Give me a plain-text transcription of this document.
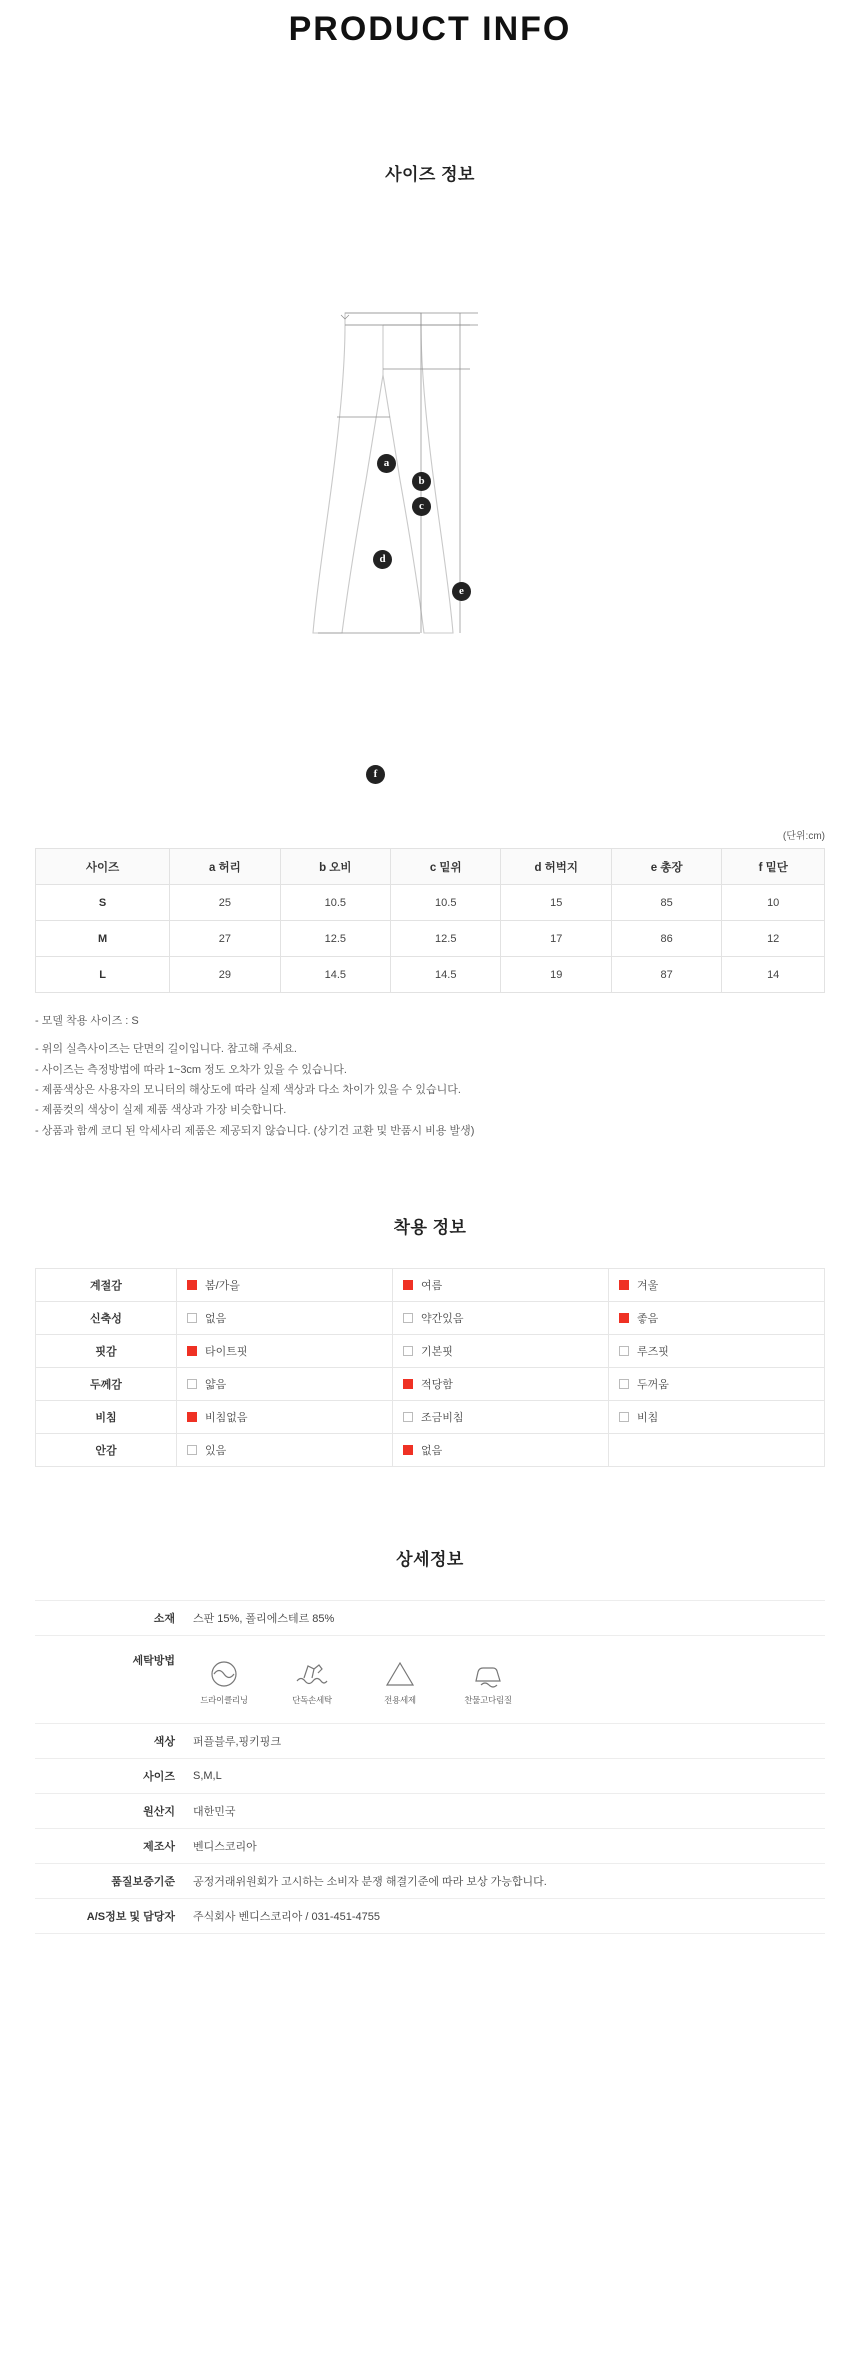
PRODUCT INFO
사이즈 정보
a
b
c
d
e
f
(단위:cm)
사이즈	a 허리	b 오비	c 밑위	d 허벅지	e 총장	f 밑단
S	25	10.5	10.5	15	85	10
M	27	12.5	12.5	17	86	12
L	29	14.5	14.5	19	87	14
- 모델 착용 사이즈 : S
- 위의 실측사이즈는 단면의 길이입니다. 참고해 주세요.
- 사이즈는 측정방법에 따라 1~3cm 정도 오차가 있을 수 있습니다.
- 제품색상은 사용자의 모니터의 해상도에 따라 실제 색상과 다소 차이가 있을 수 있습니다.
- 제품컷의 색상이 실제 제품 색상과 가장 비슷합니다.
- 상품과 함께 코디 된 악세사리 제품은 제공되지 않습니다. (상기건 교환 및 반품시 비용 발생)
착용 정보
계절감	봄/가을	여름	겨울
신축성	없음	약간있음	좋음
핏감	타이트핏	기본핏	루즈핏
두께감	얇음	적당함	두꺼움
비침	비침없음	조금비침	비침
안감	있음	없음	
상세정보
소재	스판 15%, 폴리에스테르 85%
세탁방법	드라이클리닝 단독손세탁 전용세제 찬물고다림질

색상	퍼플블루,핑키핑크
사이즈	S,M,L
원산지	대한민국
제조사	벤디스코리아
품질보증기준	공정거래위원회가 고시하는 소비자 분쟁 해결기준에 따라 보상 가능합니다.
A/S정보 및 담당자	주식회사 벤디스코리아 / 031-451-4755
